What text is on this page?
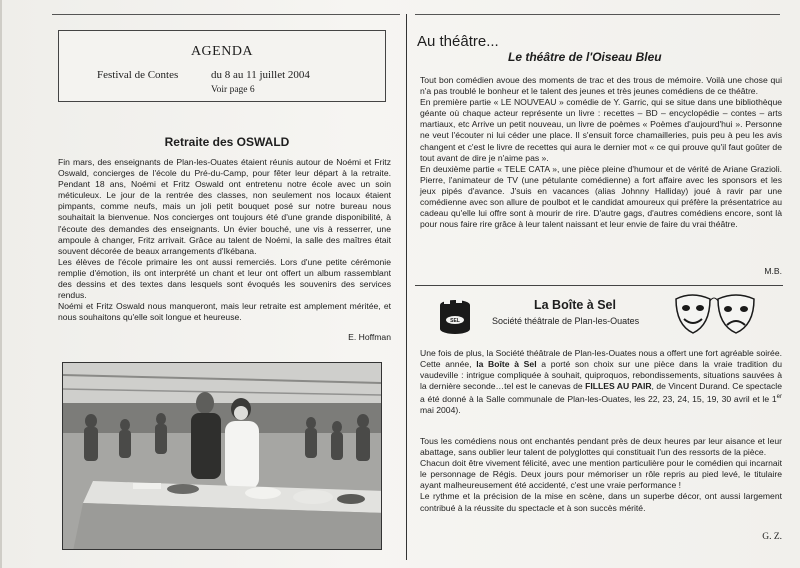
AGENDA
Festival de Contes	du 8 au 11 juillet 2004
Voir page 6
Retraite des OSWALD

Fin mars, des enseignants de Plan-les-Ouates étaient réunis autour de Noémi et Fritz Oswald, concierges de l'école du Pré-du-Camp, pour fêter leur départ à la retraite. Pendant 18 ans, Noémi et Fritz Oswald ont entretenu notre école avec un soin méticuleux. Le jour de la rentrée des classes, non seulement nos locaux étaient pimpants, comme neufs, mais un joli petit bouquet posé sur notre bureau nous souhaitait la bienvenue. Nos concierges ont toujours été d'une grande disponibilité, à l'écoute des demandes des enseignants. Un évier bouché, une vis à resserrer, une ampoule à changer, Fritz arrivait. Grâce au talent de Noémi, la salle des maîtres était souvent décorée de beaux arrangements d'Ikébana.

Les élèves de l'école primaire les ont aussi remerciés. Lors d'une petite cérémonie remplie d'émotion, ils ont interprété un chant et leur ont offert un album rassemblant des dessins et des textes dans lesquels sont évoqués les souvenirs des services rendus.

Noémi et Fritz Oswald nous manqueront, mais leur retraite est amplement méritée, et nous souhaitons qu'elle soit longue et heureuse.

E. Hoffman
Au théâtre...
Le théâtre de l'Oiseau Bleu

Tout bon comédien avoue des moments de trac et des trous de mémoire. Voilà une chose qui n'a pas troublé le bonheur et le talent des jeunes et très jeunes comédiens de ce théâtre.

En première partie « LE NOUVEAU » comédie de Y. Garric, qui se situe dans une bibliothèque géante où chaque acteur représente un livre : recettes – BD – encyclopédie – contes – arts martiaux, etc Arrive un petit nouveau, un livre de poèmes « Poèmes d'aujourd'hui ». Personne ne veut l'écouter ni lui céder une place. Il s'ensuit force chamailleries, puis peu à peu les avis changent et c'est le livre de recettes qui aura le dernier mot « ce qui prouve qu'il faut goûter de tout avant de dire je n'aime pas ».

En deuxième partie « TELE CATA », une pièce pleine d'humour et de vérité de Ariane Grazioli. Pierre, l'animateur de TV (une pétulante comédienne) a fort affaire avec les sponsors et les jeux pipés d'avance. J'suis en vacances (alias Johnny Halliday) joué à ravir par une comédienne avec son allure de poulbot et le candidat amoureux qui préfère la présentatrice au cadeau qu'elle lui offre sont à mourir de rire. D'autre gags, d'autres comédiens encore, sont là pour nous faire rire grâce à leur talent naissant et leur envie de faire du vrai théâtre.

M.B.
SEL
La Boîte à Sel
Société théâtrale de Plan-les-Ouates

Une fois de plus, la Société théâtrale de Plan-les-Ouates nous a offert une fort agréable soirée. Cette année, la Boîte à Sel a porté son choix sur une pièce dans la vraie tradition du vaudeville : intrigue compliquée à souhait, quiproquos, rebondissements, situations sauvées à la dernière seconde…tel est le canevas de FILLES AU PAIR, de Vincent Durand. Ce spectacle a été donné à la Salle communale de Plan-les-Ouates, les 22, 23, 24, 15, 19, 30 avril et le 1er mai 2004).

Tous les comédiens nous ont enchantés pendant près de deux heures par leur aisance et leur abattage, sans oublier leur talent de polyglottes qui constituait l'un des ressorts de la pièce.

Chacun doit être vivement félicité, avec une mention particulière pour le comédien qui incarnait le personnage de Régis. Deux jours pour mémoriser un rôle repris au pied levé, le titulaire ayant malheureusement été accidenté, c'est une vraie performance !

Le rythme et la précision de la mise en scène, dans un superbe décor, ont aussi largement contribué à la réussite du spectacle et à son succès mérité.

G. Z.
